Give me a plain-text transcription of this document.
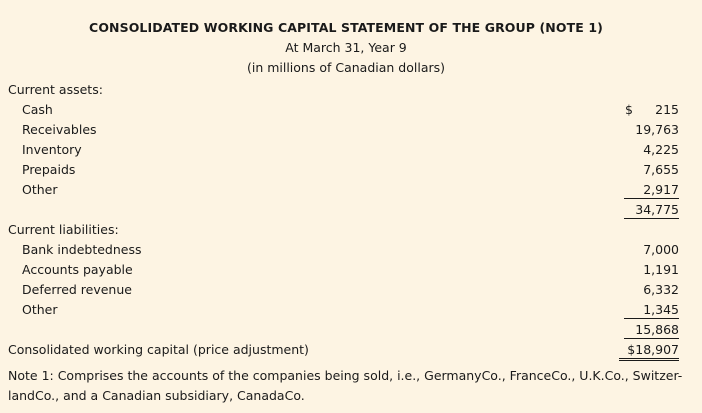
CONSOLIDATED WORKING CAPITAL STATEMENT OF THE GROUP (NOTE 1)
At March 31, Year 9
(in millions of Canadian dollars)
Current assets:
Cash	$ 215
Receivables	19,763
Inventory	4,225
Prepaids	7,655
Other	2,917
34,775
Current liabilities:
Bank indebtedness	7,000
Accounts payable	1,191
Deferred revenue	6,332
Other	1,345
15,868
Consolidated working capital (price adjustment)	$18,907
Note 1: Comprises the accounts of the companies being sold, i.e., GermanyCo., FranceCo., U.K.Co., Switzer-landCo., and a Canadian subsidiary, CanadaCo.
